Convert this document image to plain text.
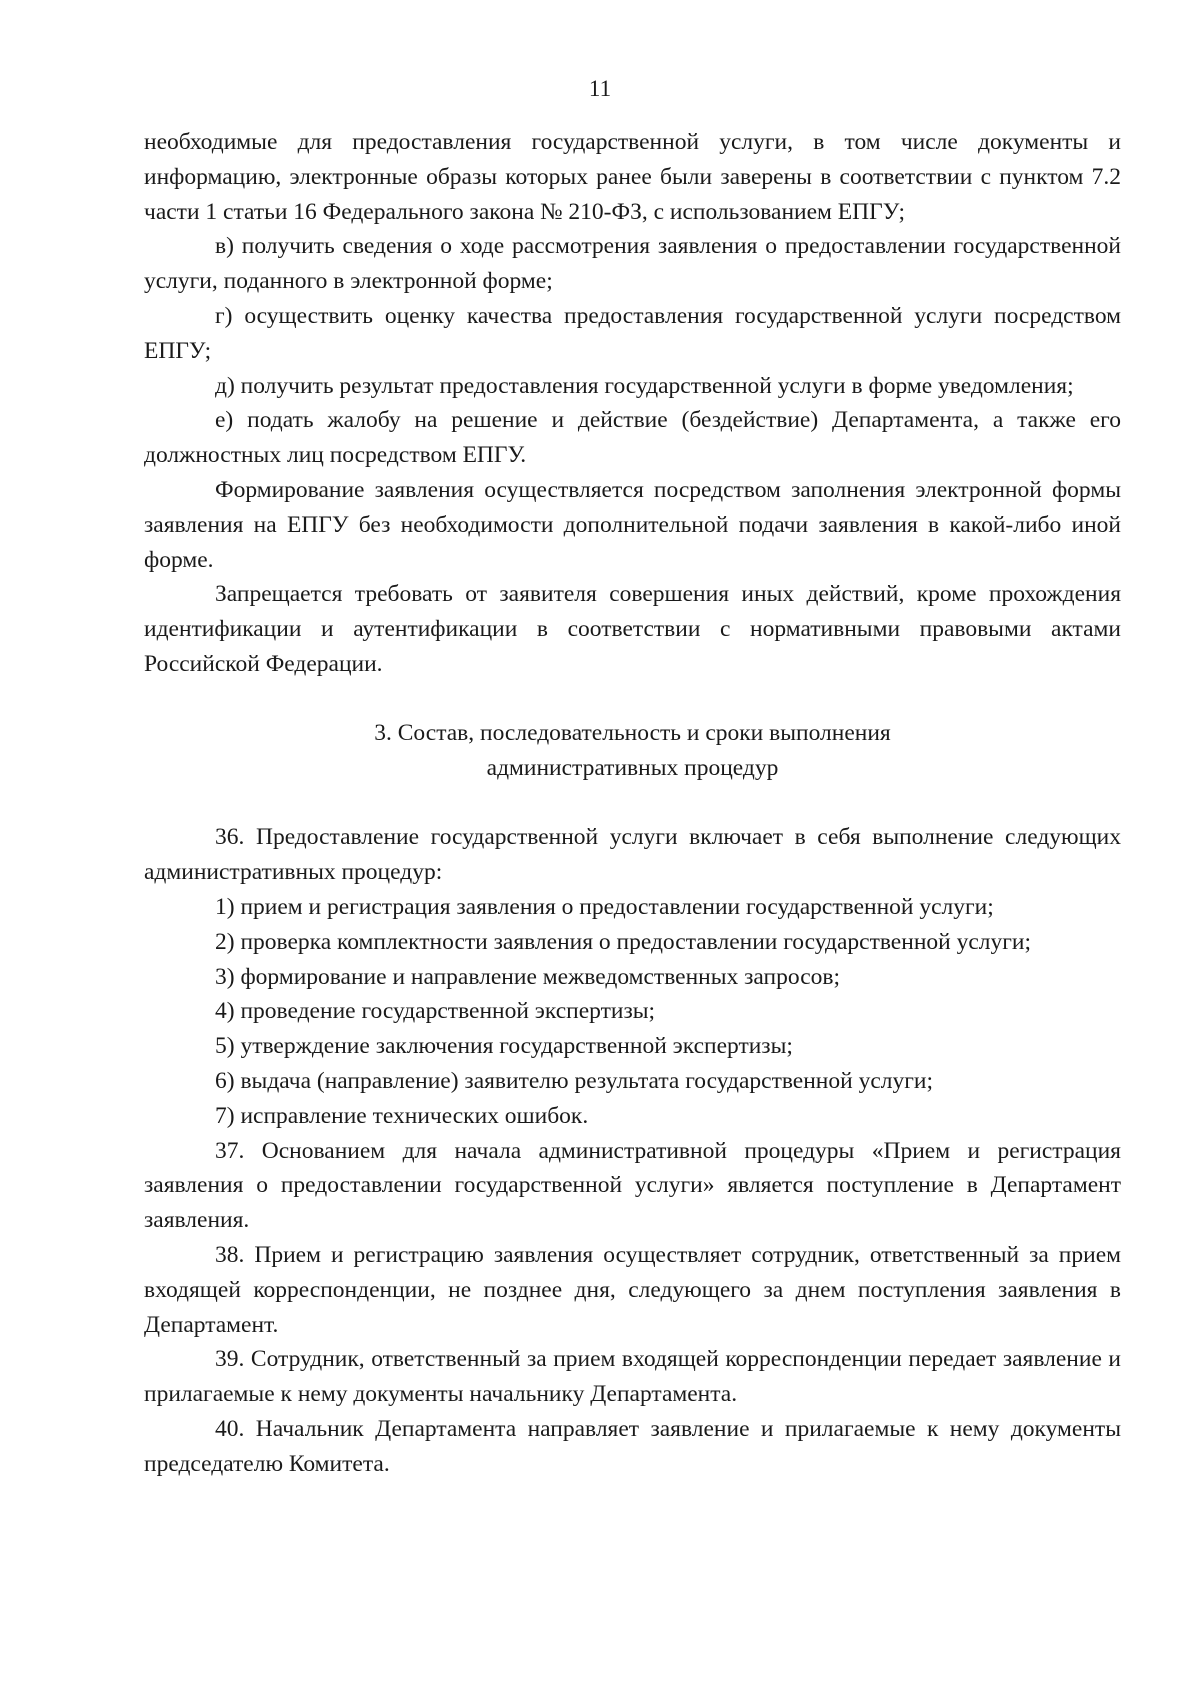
11

необходимые для предоставления государственной услуги, в том числе документы и информацию, электронные образы которых ранее были заверены в соответствии с пунктом 7.2 части 1 статьи 16 Федерального закона № 210-ФЗ, с использованием ЕПГУ;

в) получить сведения о ходе рассмотрения заявления о предоставлении государственной услуги, поданного в электронной форме;

г) осуществить оценку качества предоставления государственной услуги посредством ЕПГУ;

д) получить результат предоставления государственной услуги в форме уведомления;

е) подать жалобу на решение и действие (бездействие) Департамента, а также его должностных лиц посредством ЕПГУ.

Формирование заявления осуществляется посредством заполнения электронной формы заявления на ЕПГУ без необходимости дополнительной подачи заявления в какой-либо иной форме.

Запрещается требовать от заявителя совершения иных действий, кроме прохождения идентификации и аутентификации в соответствии с нормативными правовыми актами Российской Федерации.

3. Состав, последовательность и сроки выполнения
административных процедур

36. Предоставление государственной услуги включает в себя выполнение следующих административных процедур:

1) прием и регистрация заявления о предоставлении государственной услуги;

2) проверка комплектности заявления о предоставлении государственной услуги;

3) формирование и направление межведомственных запросов;

4) проведение государственной экспертизы;

5) утверждение заключения государственной экспертизы;

6) выдача (направление) заявителю результата государственной услуги;

7) исправление технических ошибок.

37. Основанием для начала административной процедуры «Прием и регистрация заявления о предоставлении государственной услуги» является поступление в Департамент заявления.

38. Прием и регистрацию заявления осуществляет сотрудник, ответственный за прием входящей корреспонденции, не позднее дня, следующего за днем поступления заявления в Департамент.

39. Сотрудник, ответственный за прием входящей корреспонденции передает заявление и прилагаемые к нему документы начальнику Департамента.

40. Начальник Департамента направляет заявление и прилагаемые к нему документы председателю Комитета.
